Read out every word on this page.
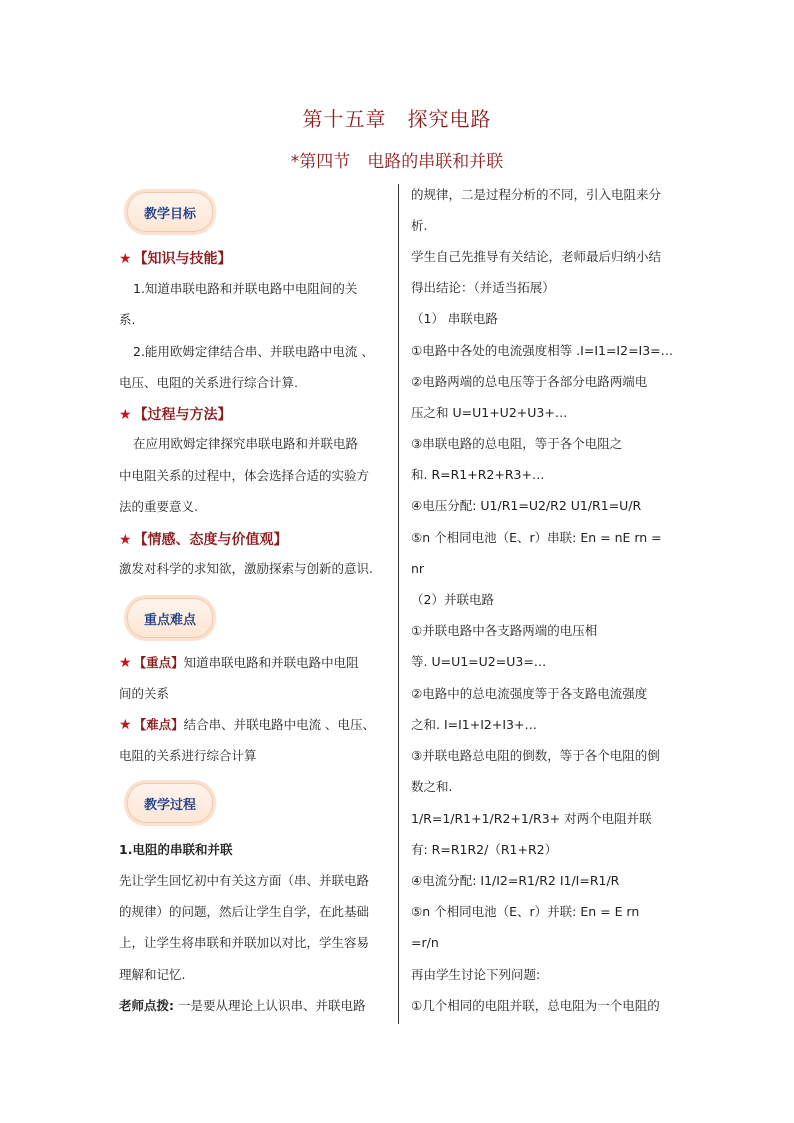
第十五章　探究电路
*第四节　电路的串联和并联
教学目标
★ 【知识与技能】
1.知道串联电路和并联电路中电阻间的关
系.
2.能用欧姆定律结合串、并联电路中电流 、
电压、电阻的关系进行综合计算.
★ 【过程与方法】
在应用欧姆定律探究串联电路和并联电路
中电阻关系的过程中，体会选择合适的实验方
法的重要意义.
★ 【情感、态度与价值观】
激发对科学的求知欲，激励探索与创新的意识.
重点难点
★ 【重点】知道串联电路和并联电路中电阻
间的关系
★ 【难点】结合串、并联电路中电流 、电压、
电阻的关系进行综合计算
教学过程
1.电阻的串联和并联
先让学生回忆初中有关这方面（串、并联电路
的规律）的问题，然后让学生自学，在此基础
上，让学生将串联和并联加以对比，学生容易
理解和记忆.
老师点拨: 一是要从理论上认识串、并联电路
的规律，二是过程分析的不同，引入电阻来分
析.
学生自己先推导有关结论，老师最后归纳小结
得出结论：（并适当拓展）
（1） 串联电路
①电路中各处的电流强度相等 .I=I1=I2=I3=…
②电路两端的总电压等于各部分电路两端电
压之和 U=U1+U2+U3+…
③串联电路的总电阻，等于各个电阻之
和. R=R1+R2+R3+…
④电压分配: U1/R1=U2/R2 U1/R1=U/R
⑤n 个相同电池（E、r）串联: En = nE rn =
nr
（2）并联电路
①并联电路中各支路两端的电压相
等. U=U1=U2=U3=…
②电路中的总电流强度等于各支路电流强度
之和. I=I1+I2+I3+…
③并联电路总电阻的倒数，等于各个电阻的倒
数之和.
1/R=1/R1+1/R2+1/R3+ 对两个电阻并联
有: R=R1R2/（R1+R2）
④电流分配: I1/I2=R1/R2 I1/I=R1/R
⑤n 个相同电池（E、r）并联: En = E rn
=r/n
再由学生讨论下列问题:
①几个相同的电阻并联，总电阻为一个电阻的
